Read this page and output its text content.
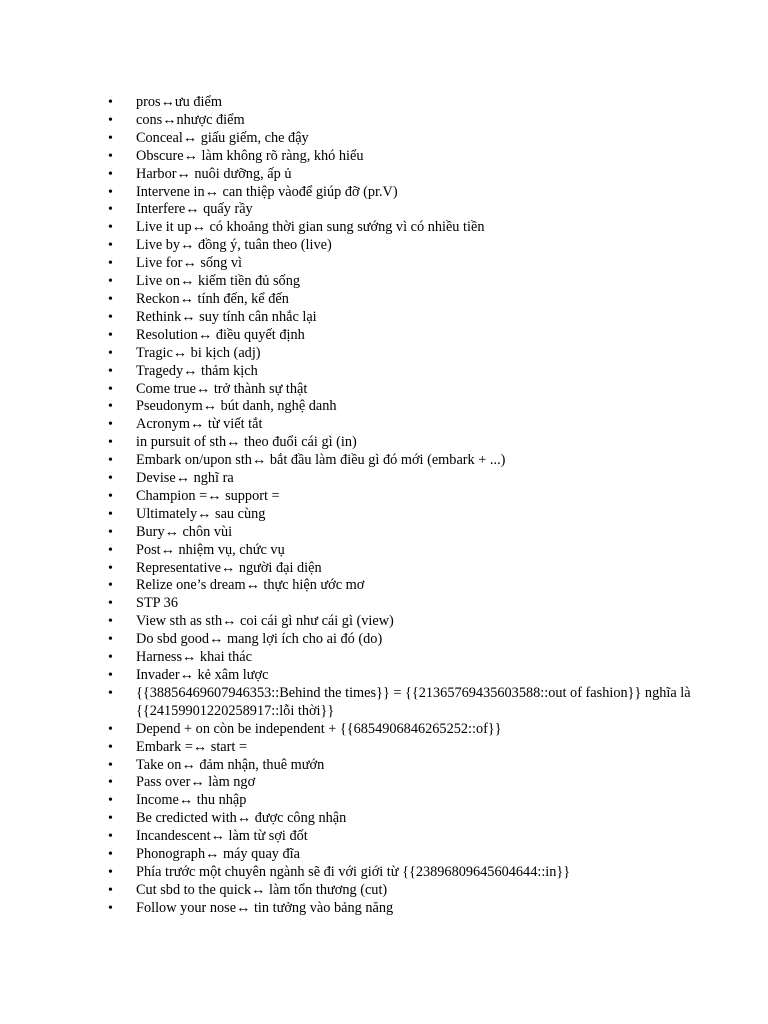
• pros↔ưu điểm
• cons↔nhược điểm
• Conceal↔ giấu giếm, che đậy
• Obscure↔ làm không rõ ràng, khó hiểu
• Harbor↔ nuôi dưỡng, ấp ủ
• Intervene in↔ can thiệp vàođể giúp đỡ (pr.V)
• Interfere↔ quấy rầy
• Live it up↔ có khoảng thời gian sung sướng vì có nhiều tiền
• Live by↔ đồng ý, tuân theo (live)
• Live for↔ sống vì
• Live on↔ kiếm tiền đủ sống
• Reckon↔ tính đến, kể đến
• Rethink↔ suy tính cân nhắc lại
• Resolution↔ điều quyết định
• Tragic↔ bi kịch (adj)
• Tragedy↔ thảm kịch
• Come true↔ trở thành sự thật
• Pseudonym↔ bút danh, nghệ danh
• Acronym↔ từ viết tắt
• in pursuit of sth↔ theo đuổi cái gì (in)
• Embark on/upon sth↔ bắt đầu làm điều gì đó mới (embark + ...)
• Devise↔ nghĩ ra
• Champion =↔ support =
• Ultimately↔ sau cùng
• Bury↔ chôn vùi
• Post↔ nhiệm vụ, chức vụ
• Representative↔ người đại diện
• Relize one’s dream↔ thực hiện ước mơ
• STP 36
• View sth as sth↔ coi cái gì như cái gì (view)
• Do sbd good↔ mang lợi ích cho ai đó (do)
• Harness↔ khai thác
• Invader↔ kẻ xâm lược
• {{38856469607946353::Behind the times}} = {{21365769435603588::out of fashion}} nghĩa là {{24159901220258917::lỗi thời}}
• Depend + on còn be independent + {{6854906846265252::of}}
• Embark =↔ start =
• Take on↔ đảm nhận, thuê mướn
• Pass over↔ làm ngơ
• Income↔ thu nhập
• Be credicted with↔ được công nhận
• Incandescent↔ làm từ sợi đốt
• Phonograph↔ máy quay đĩa
• Phía trước một chuyên ngành sẽ đi với giới từ {{23896809645604644::in}}
• Cut sbd to the quick↔ làm tổn thương (cut)
• Follow your nose↔ tin tưởng vào bảng năng
